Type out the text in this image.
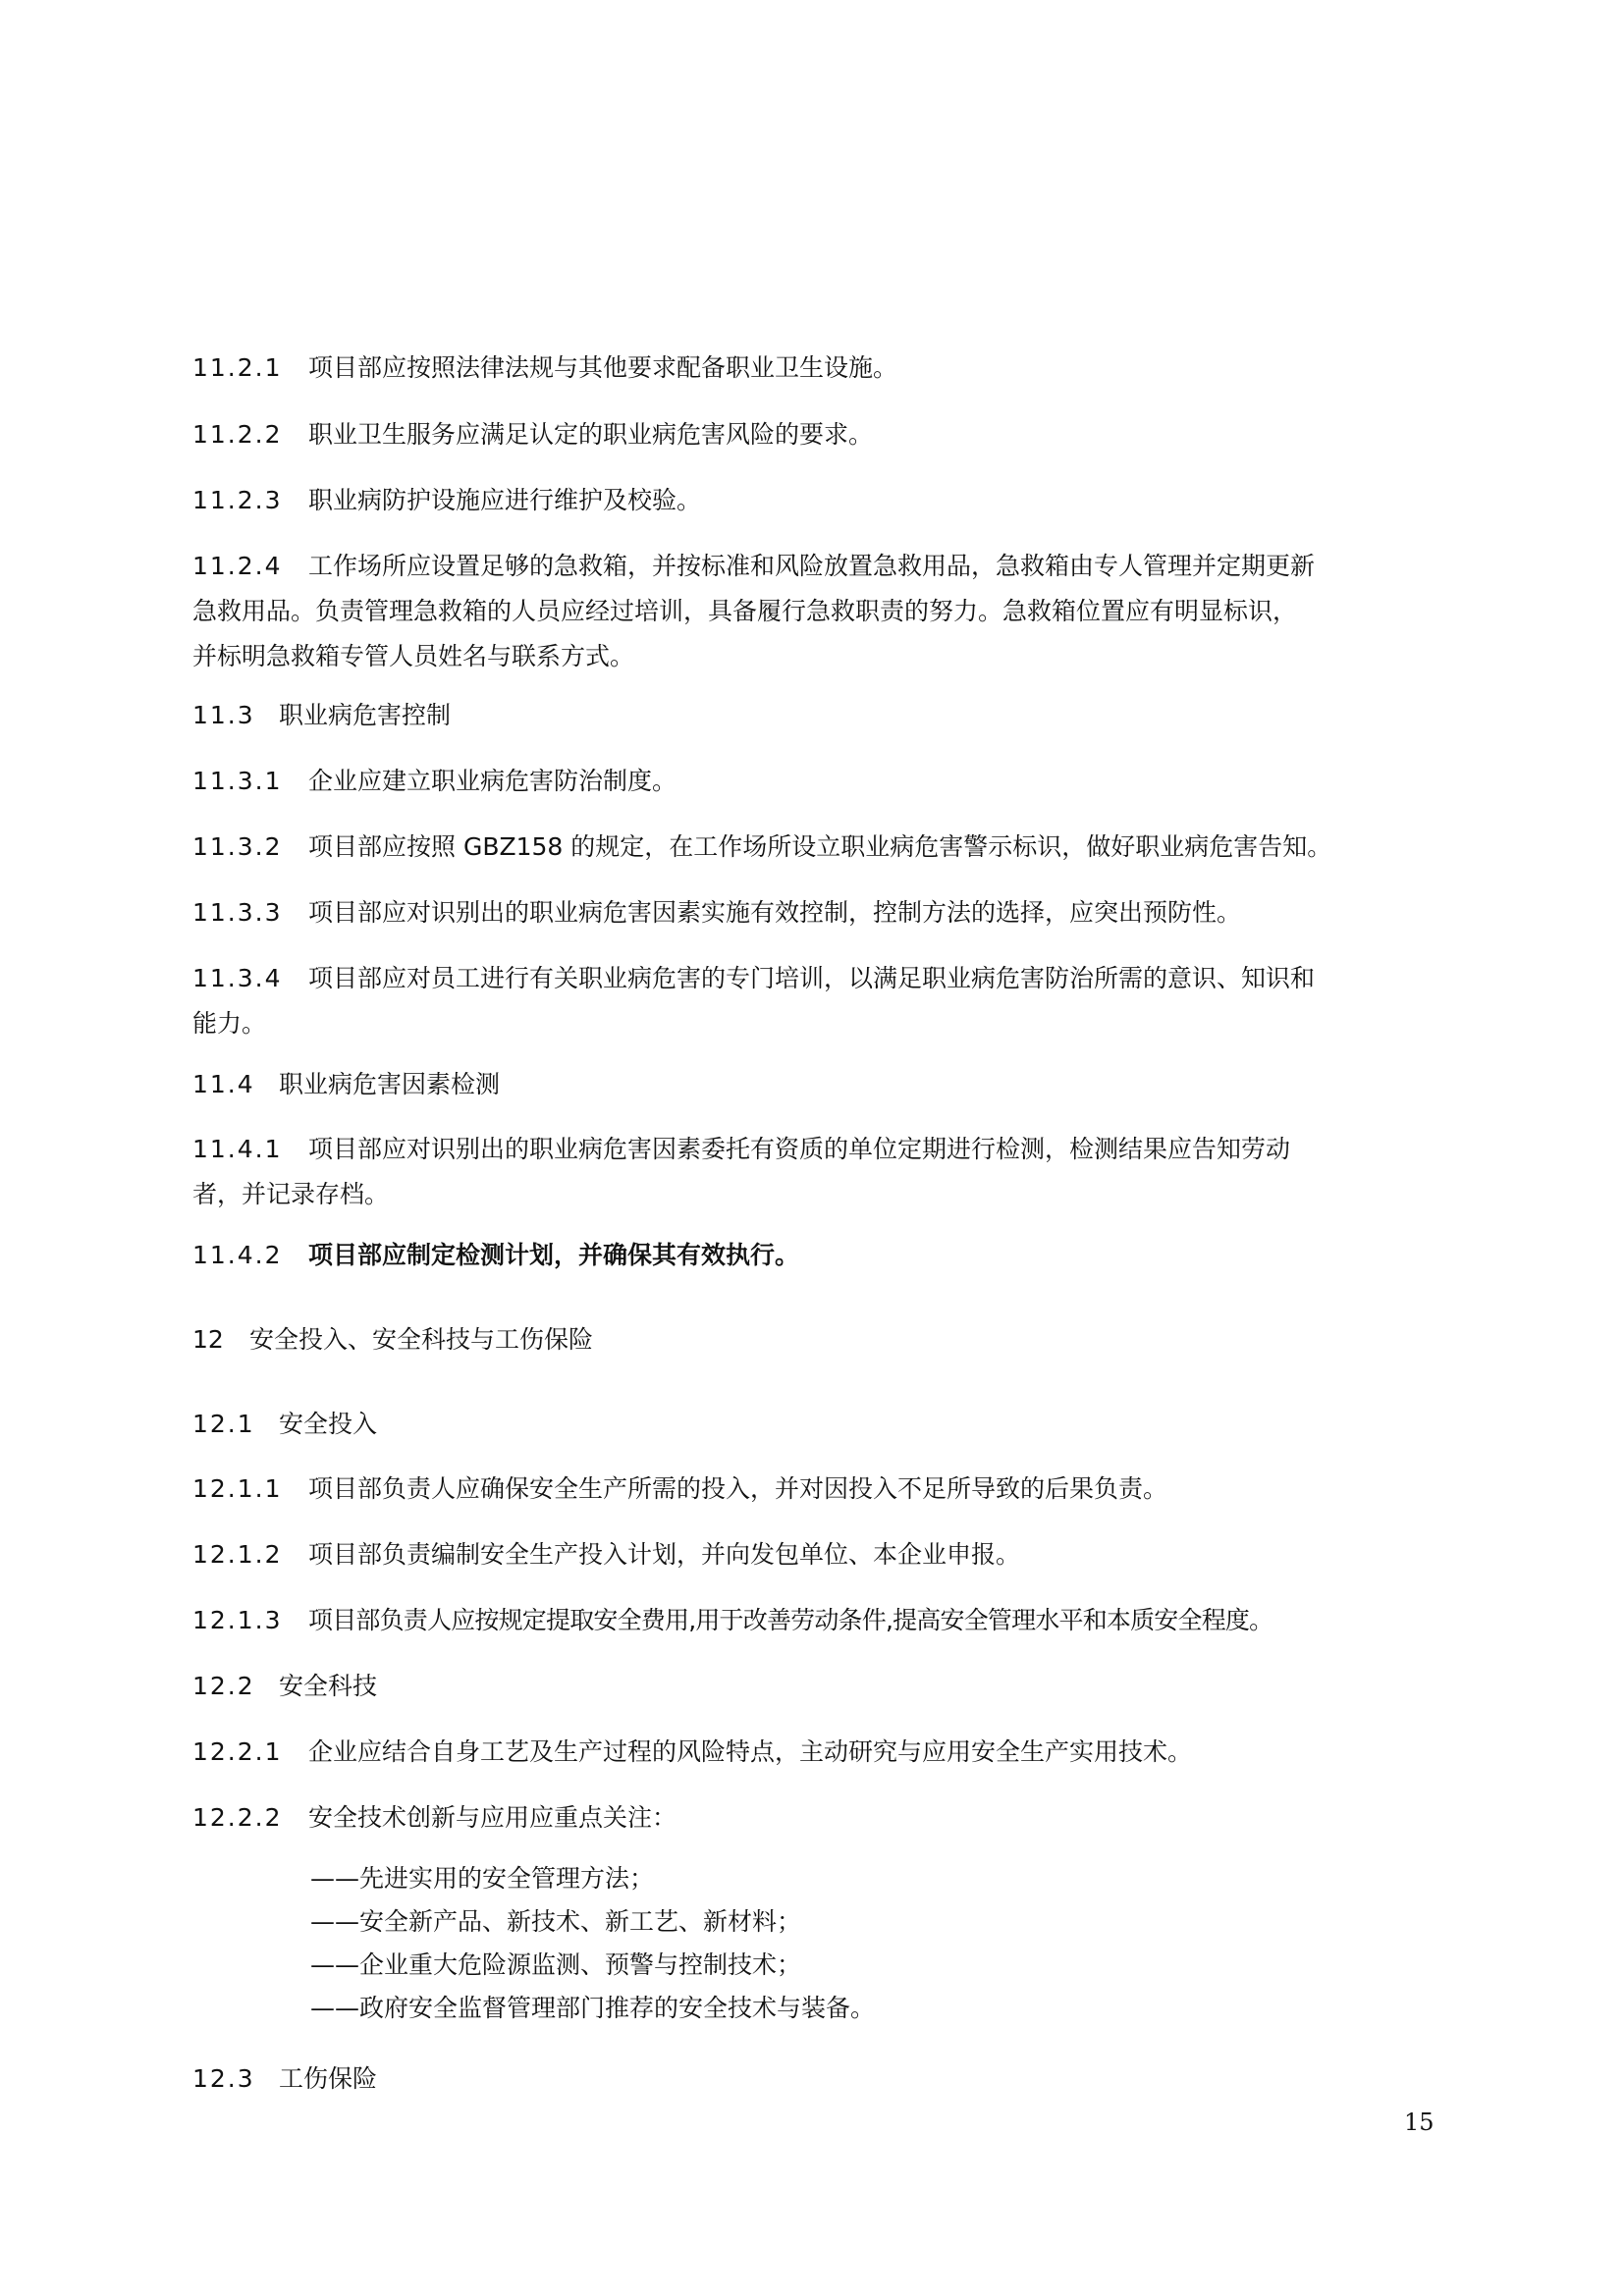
11.2.1 项目部应按照法律法规与其他要求配备职业卫生设施。
11.2.2 职业卫生服务应满足认定的职业病危害风险的要求。
11.2.3 职业病防护设施应进行维护及校验。
11.2.4 工作场所应设置足够的急救箱，并按标准和风险放置急救用品，急救箱由专人管理并定期更新
急救用品。负责管理急救箱的人员应经过培训，具备履行急救职责的努力。急救箱位置应有明显标识，
并标明急救箱专管人员姓名与联系方式。
11.3 职业病危害控制
11.3.1 企业应建立职业病危害防治制度。
11.3.2 项目部应按照 GBZ158 的规定，在工作场所设立职业病危害警示标识，做好职业病危害告知。
11.3.3 项目部应对识别出的职业病危害因素实施有效控制，控制方法的选择，应突出预防性。
11.3.4 项目部应对员工进行有关职业病危害的专门培训，以满足职业病危害防治所需的意识、知识和
能力。
11.4 职业病危害因素检测
11.4.1 项目部应对识别出的职业病危害因素委托有资质的单位定期进行检测，检测结果应告知劳动
者，并记录存档。
11.4.2 项目部应制定检测计划，并确保其有效执行。
12 安全投入、安全科技与工伤保险
12.1 安全投入
12.1.1 项目部负责人应确保安全生产所需的投入，并对因投入不足所导致的后果负责。
12.1.2 项目部负责编制安全生产投入计划，并向发包单位、本企业申报。
12.1.3 项目部负责人应按规定提取安全费用,用于改善劳动条件,提高安全管理水平和本质安全程度。
12.2 安全科技
12.2.1 企业应结合自身工艺及生产过程的风险特点，主动研究与应用安全生产实用技术。
12.2.2 安全技术创新与应用应重点关注：
——先进实用的安全管理方法；
——安全新产品、新技术、新工艺、新材料；
——企业重大危险源监测、预警与控制技术；
——政府安全监督管理部门推荐的安全技术与装备。
12.3 工伤保险
15
